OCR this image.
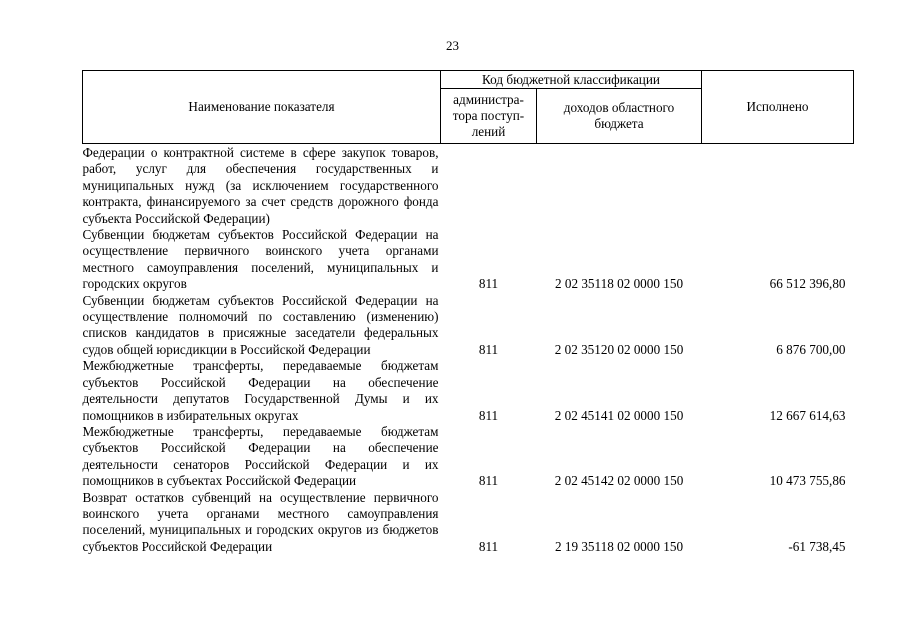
23
Наименование показателя	Код бюджетной классификации		Исполнено
	администра-тора поступ-лений	доходов областного бюджета	
Федерации о контрактной системе в сфере закупок товаров, работ, услуг для обеспечения государственных и муниципальных нужд (за исключением государственного контракта, финансируемого за счет средств дорожного фонда субъекта Российской Федерации)			
Субвенции бюджетам субъектов Российской Федерации на осуществление первичного воинского учета органами местного самоуправления поселений, муниципальных и городских округов	811	2 02 35118 02 0000 150	66 512 396,80
Субвенции бюджетам субъектов Российской Федерации на осуществление полномочий по составлению (изменению) списков кандидатов в присяжные заседатели федеральных судов общей юрисдикции в Российской Федерации	811	2 02 35120 02 0000 150	6 876 700,00
Межбюджетные трансферты, передаваемые бюджетам субъектов Российской Федерации на обеспечение деятельности депутатов Государственной Думы и их помощников в избирательных округах	811	2 02 45141 02 0000 150	12 667 614,63
Межбюджетные трансферты, передаваемые бюджетам субъектов Российской Федерации на обеспечение деятельности сенаторов Российской Федерации и их помощников в субъектах Российской Федерации	811	2 02 45142 02 0000 150	10 473 755,86
Возврат остатков субвенций на осуществление первичного воинского учета органами местного самоуправления поселений, муниципальных и городских округов из бюджетов субъектов Российской Федерации	811	2 19 35118 02 0000 150	-61 738,45
